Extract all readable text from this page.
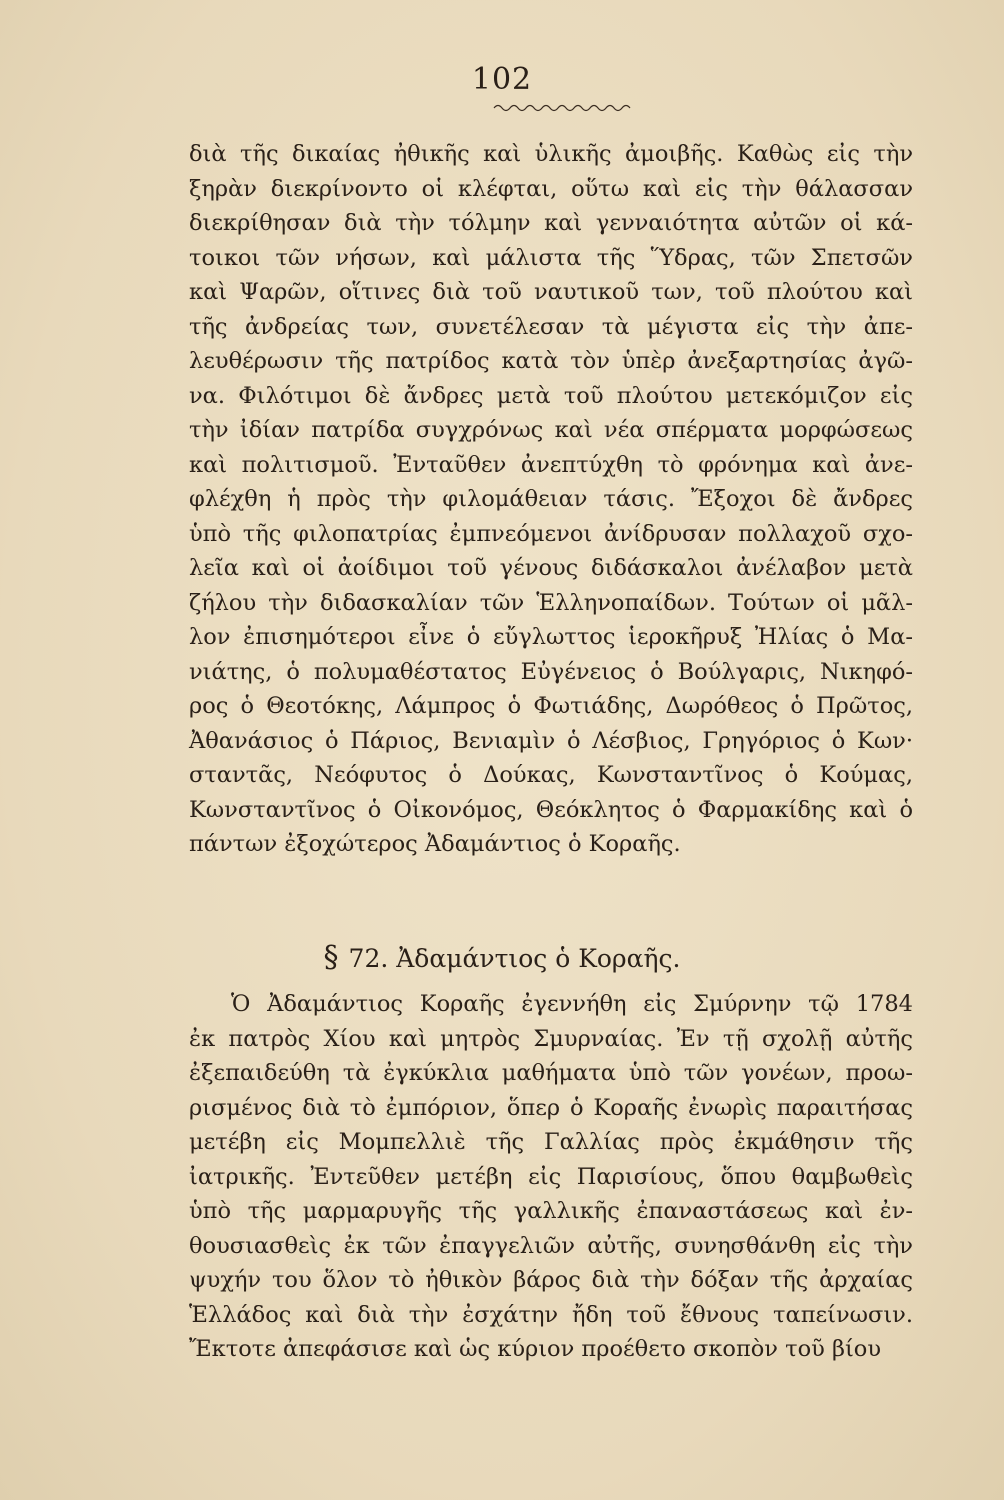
102

διὰ τῆς δικαίας ἠθικῆς καὶ ὑλικῆς ἀμοιβῆς. Καθὼς εἰς τὴν
ξηρὰν διεκρίνοντο οἱ κλέφται, οὕτω καὶ εἰς τὴν θάλασσαν
διεκρίθησαν διὰ τὴν τόλμην καὶ γενναιότητα αὐτῶν οἱ κά-
τοικοι τῶν νήσων, καὶ μάλιστα τῆς Ὕδρας, τῶν Σπετσῶν
καὶ Ψαρῶν, οἵτινες διὰ τοῦ ναυτικοῦ των, τοῦ πλούτου καὶ
τῆς ἀνδρείας των, συνετέλεσαν τὰ μέγιστα εἰς τὴν ἀπε-
λευθέρωσιν τῆς πατρίδος κατὰ τὸν ὑπὲρ ἀνεξαρτησίας ἀγῶ-
να. Φιλότιμοι δὲ ἄνδρες μετὰ τοῦ πλούτου μετεκόμιζον εἰς
τὴν ἰδίαν πατρίδα συγχρόνως καὶ νέα σπέρματα μορφώσεως
καὶ πολιτισμοῦ. Ἐνταῦθεν ἀνεπτύχθη τὸ φρόνημα καὶ ἀνε-
φλέχθη ἡ πρὸς τὴν φιλομάθειαν τάσις. Ἔξοχοι δὲ ἄνδρες
ὑπὸ τῆς φιλοπατρίας ἐμπνεόμενοι ἀνίδρυσαν πολλαχοῦ σχο-
λεῖα καὶ οἱ ἀοίδιμοι τοῦ γένους διδάσκαλοι ἀνέλαβον μετὰ
ζήλου τὴν διδασκαλίαν τῶν Ἑλληνοπαίδων. Τούτων οἱ μᾶλ-
λον ἐπισημότεροι εἶνε ὁ εὔγλωττος ἱεροκῆρυξ Ἠλίας ὁ Μα-
νιάτης, ὁ πολυμαθέστατος Εὐγένειος ὁ Βούλγαρις, Νικηφό-
ρος ὁ Θεοτόκης, Λάμπρος ὁ Φωτιάδης, Δωρόθεος ὁ Πρῶτος,
Ἀθανάσιος ὁ Πάριος, Βενιαμὶν ὁ Λέσβιος, Γρηγόριος ὁ Κων·
σταντᾶς, Νεόφυτος ὁ Δούκας, Κωνσταντῖνος ὁ Κούμας,
Κωνσταντῖνος ὁ Οἰκονόμος, Θεόκλητος ὁ Φαρμακίδης καὶ ὁ
πάντων ἐξοχώτερος Ἀδαμάντιος ὁ Κοραῆς.

§ 72. Ἀδαμάντιος ὁ Κοραῆς.

Ὁ Ἀδαμάντιος Κοραῆς ἐγεννήθη εἰς Σμύρνην τῷ 1784
ἐκ πατρὸς Χίου καὶ μητρὸς Σμυρναίας. Ἐν τῇ σχολῇ αὐτῆς
ἐξεπαιδεύθη τὰ ἐγκύκλια μαθήματα ὑπὸ τῶν γονέων, προω-
ρισμένος διὰ τὸ ἐμπόριον, ὅπερ ὁ Κοραῆς ἐνωρὶς παραιτήσας
μετέβη εἰς Μομπελλιὲ τῆς Γαλλίας πρὸς ἐκμάθησιν τῆς
ἰατρικῆς. Ἐντεῦθεν μετέβη εἰς Παρισίους, ὅπου θαμβωθεὶς
ὑπὸ τῆς μαρμαρυγῆς τῆς γαλλικῆς ἐπαναστάσεως καὶ ἐν-
θουσιασθεὶς ἐκ τῶν ἐπαγγελιῶν αὐτῆς, συνησθάνθη εἰς τὴν
ψυχήν του ὅλον τὸ ἠθικὸν βάρος διὰ τὴν δόξαν τῆς ἀρχαίας
Ἑλλάδος καὶ διὰ τὴν ἐσχάτην ἤδη τοῦ ἔθνους ταπείνωσιν.
Ἔκτοτε ἀπεφάσισε καὶ ὡς κύριον προέθετο σκοπὸν τοῦ βίου
